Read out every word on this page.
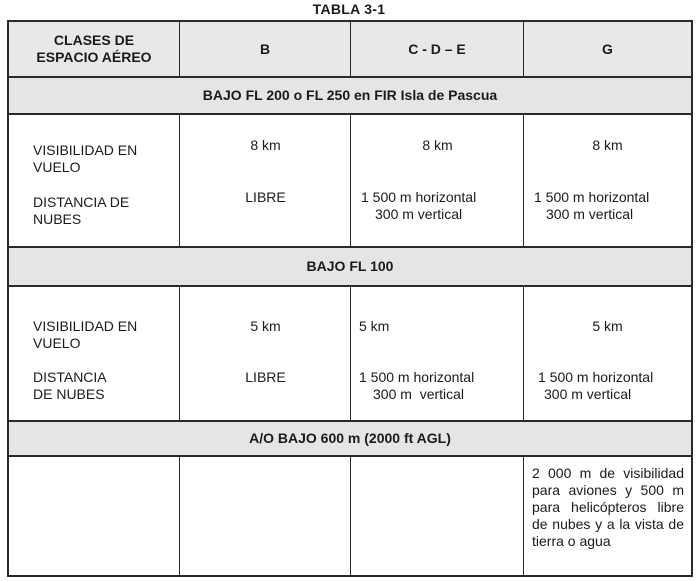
TABLA 3-1
CLASES DE
ESPACIO AÉREO
B	C - D – E	G
BAJO FL 200 o FL 250 en FIR Isla de Pascua
VISIBILIDAD EN
VUELO
DISTANCIA DE
NUBES
8 km
LIBRE
8 km
1 500 m horizontal
300 m vertical
8 km
1 500 m horizontal
300 m vertical
BAJO FL 100
VISIBILIDAD EN
VUELO
DISTANCIA
DE NUBES
5 km
LIBRE
5 km
1 500 m horizontal
300 m  vertical
5 km
1 500 m horizontal
300 m vertical
A/O BAJO 600 m (2000 ft AGL)
2 000 m de visibilidad para aviones y 500 m para helicópteros libre de nubes y a la vista de tierra o agua
